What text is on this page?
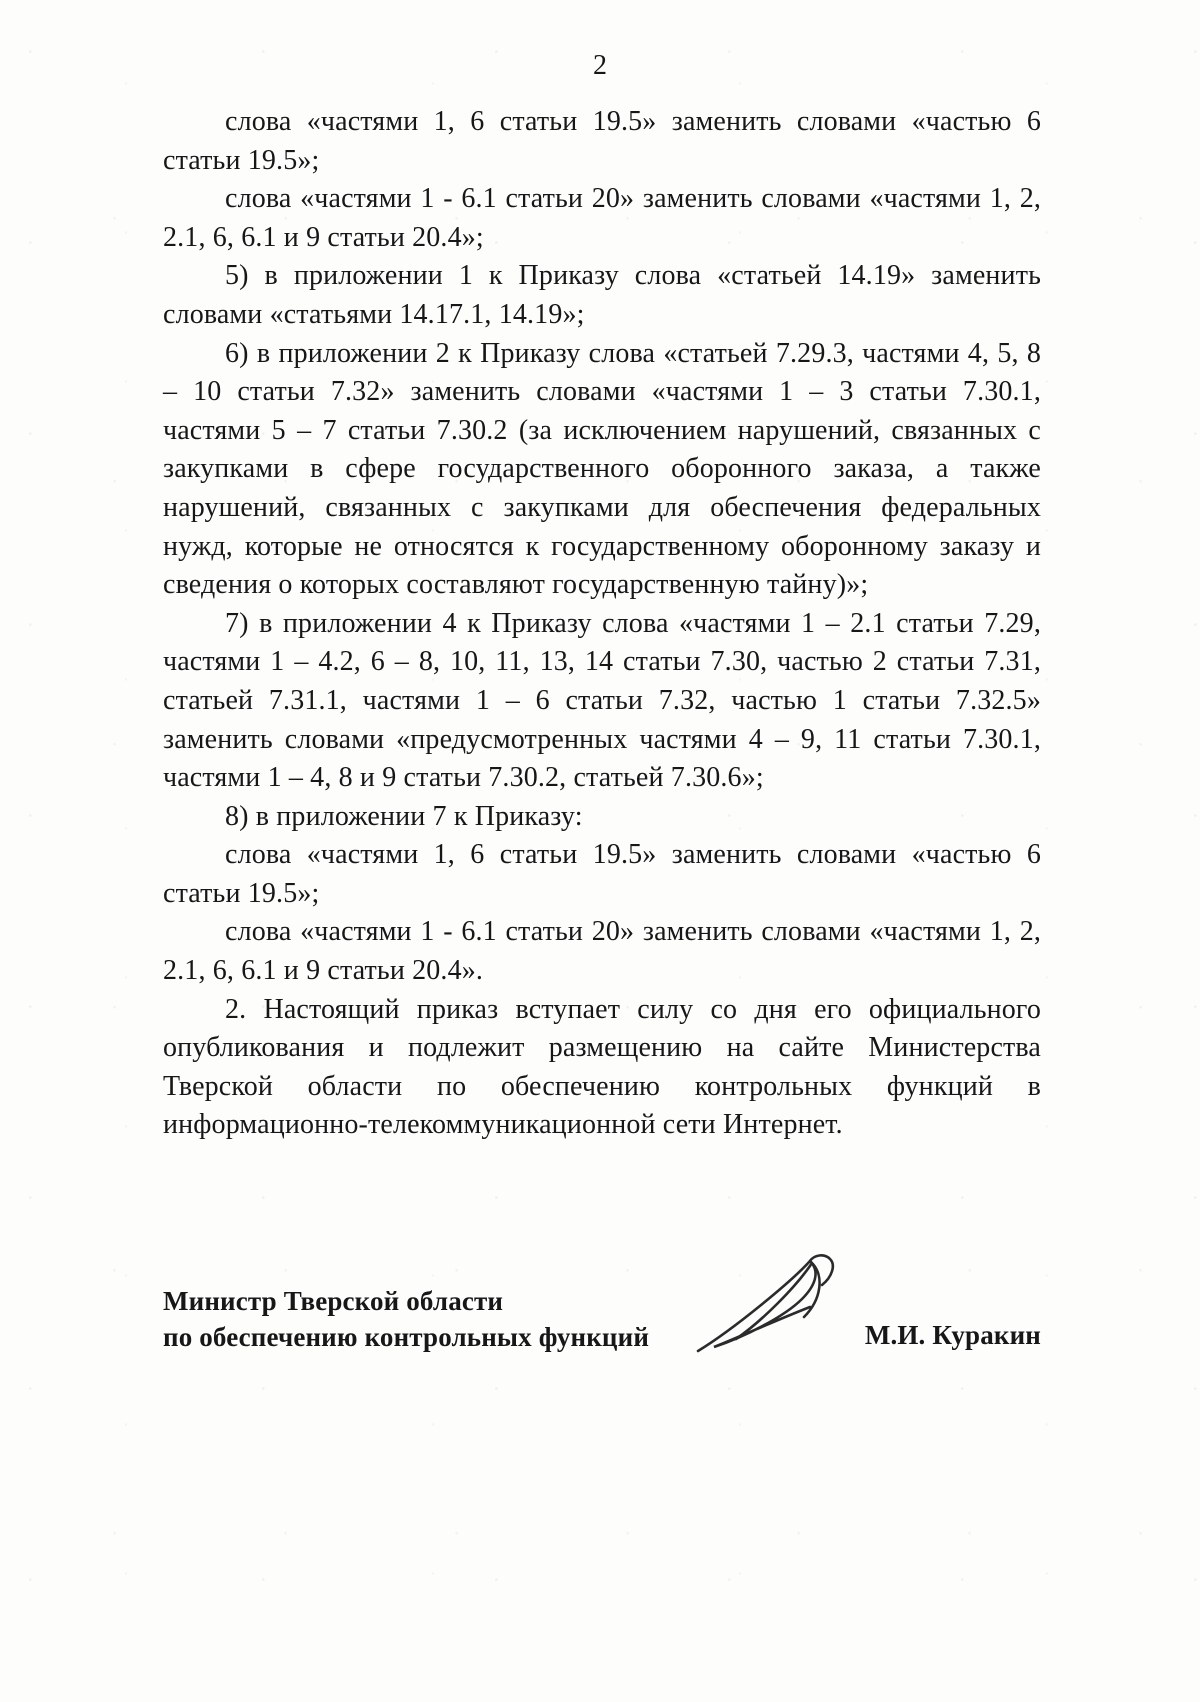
2

слова «частями 1, 6 статьи 19.5» заменить словами «частью 6 статьи 19.5»;

слова «частями 1 - 6.1 статьи 20» заменить словами «частями 1, 2, 2.1, 6, 6.1 и 9 статьи 20.4»;

5) в приложении 1 к Приказу слова «статьей 14.19» заменить словами «статьями 14.17.1, 14.19»;

6) в приложении 2 к Приказу слова «статьей 7.29.3, частями 4, 5, 8 – 10 статьи 7.32» заменить словами «частями 1 – 3 статьи 7.30.1, частями 5 – 7 статьи 7.30.2 (за исключением нарушений, связанных с закупками в сфере государственного оборонного заказа, а также нарушений, связанных с закупками для обеспечения федеральных нужд, которые не относятся к государственному оборонному заказу и сведения о которых составляют государственную тайну)»;

7) в приложении 4 к Приказу слова «частями 1 – 2.1 статьи 7.29, частями 1 – 4.2, 6 – 8, 10, 11, 13, 14 статьи 7.30, частью 2 статьи 7.31, статьей 7.31.1, частями 1 – 6 статьи 7.32, частью 1 статьи 7.32.5» заменить словами «предусмотренных частями 4 – 9, 11 статьи 7.30.1, частями 1 – 4, 8 и 9 статьи 7.30.2, статьей 7.30.6»;

8) в приложении 7 к Приказу:

слова «частями 1, 6 статьи 19.5» заменить словами «частью 6 статьи 19.5»;

слова «частями 1 - 6.1 статьи 20» заменить словами «частями 1, 2, 2.1, 6, 6.1 и 9 статьи 20.4».

2. Настоящий приказ вступает силу со дня его официального опубликования и подлежит размещению на сайте Министерства Тверской области по обеспечению контрольных функций в информационно-телекоммуникационной сети Интернет.

Министр Тверской области
по обеспечению контрольных функций	М.И. Куракин
